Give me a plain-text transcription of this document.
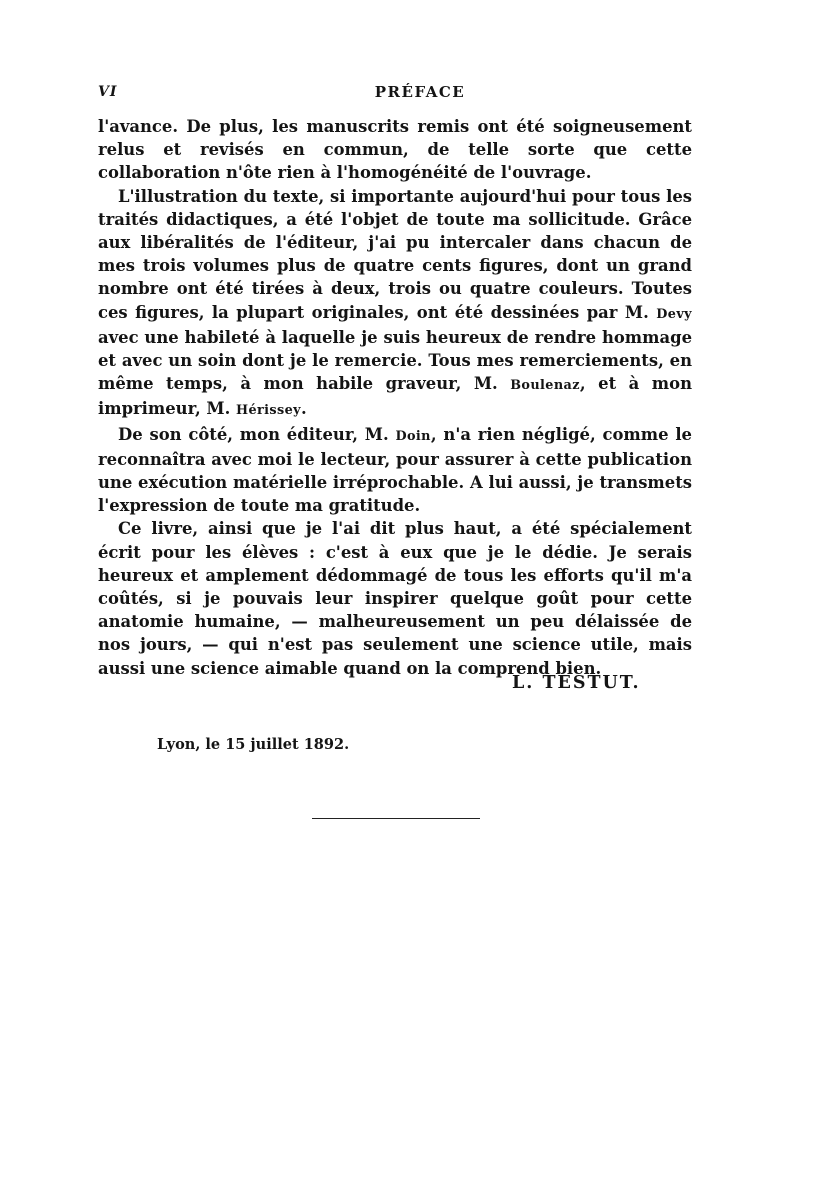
VI	PRÉFACE

l'avance. De plus, les manuscrits remis ont été soigneusement relus et revisés en commun, de telle sorte que cette collaboration n'ôte rien à l'homogénéité de l'ouvrage.

L'illustration du texte, si importante aujourd'hui pour tous les traités didactiques, a été l'objet de toute ma sollicitude. Grâce aux libéralités de l'éditeur, j'ai pu intercaler dans chacun de mes trois volumes plus de quatre cents figures, dont un grand nombre ont été tirées à deux, trois ou quatre couleurs. Toutes ces figures, la plupart originales, ont été dessinées par M. Devy avec une habileté à laquelle je suis heureux de rendre hommage et avec un soin dont je le remercie. Tous mes remerciements, en même temps, à mon habile graveur, M. Boulenaz, et à mon imprimeur, M. Hérissey.

De son côté, mon éditeur, M. Doin, n'a rien négligé, comme le reconnaîtra avec moi le lecteur, pour assurer à cette publication une exécution matérielle irréprochable. A lui aussi, je transmets l'expression de toute ma gratitude.

Ce livre, ainsi que je l'ai dit plus haut, a été spécialement écrit pour les élèves : c'est à eux que je le dédie. Je serais heureux et amplement dédommagé de tous les efforts qu'il m'a coûtés, si je pouvais leur inspirer quelque goût pour cette anatomie humaine, — malheureusement un peu délaissée de nos jours, — qui n'est pas seulement une science utile, mais aussi une science aimable quand on la comprend bien.

L. TESTUT.
Lyon, le 15 juillet 1892.
